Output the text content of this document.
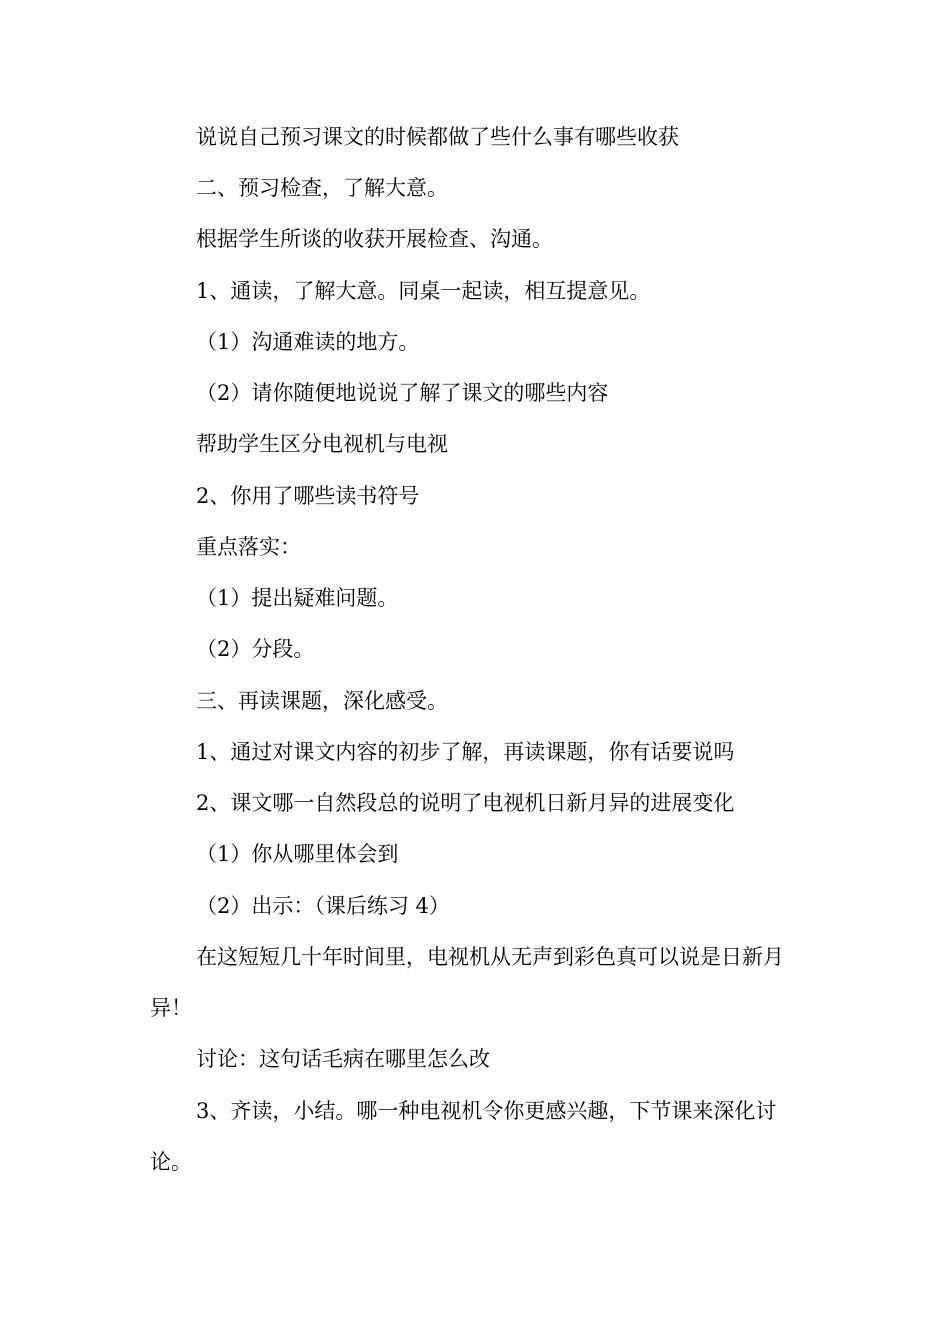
说说自己预习课文的时候都做了些什么事有哪些收获

二、预习检查，了解大意。

根据学生所谈的收获开展检查、沟通。

1、通读，了解大意。同桌一起读，相互提意见。

（1）沟通难读的地方。

（2）请你随便地说说了解了课文的哪些内容

帮助学生区分电视机与电视

2、你用了哪些读书符号

重点落实：

（1）提出疑难问题。

（2）分段。

三、再读课题，深化感受。

1、通过对课文内容的初步了解，再读课题，你有话要说吗

2、课文哪一自然段总的说明了电视机日新月异的进展变化

（1）你从哪里体会到

（2）出示：（课后练习 4）

在这短短几十年时间里，电视机从无声到彩色真可以说是日新月异！

讨论：这句话毛病在哪里怎么改

3、齐读，小结。哪一种电视机令你更感兴趣，下节课来深化讨论。
